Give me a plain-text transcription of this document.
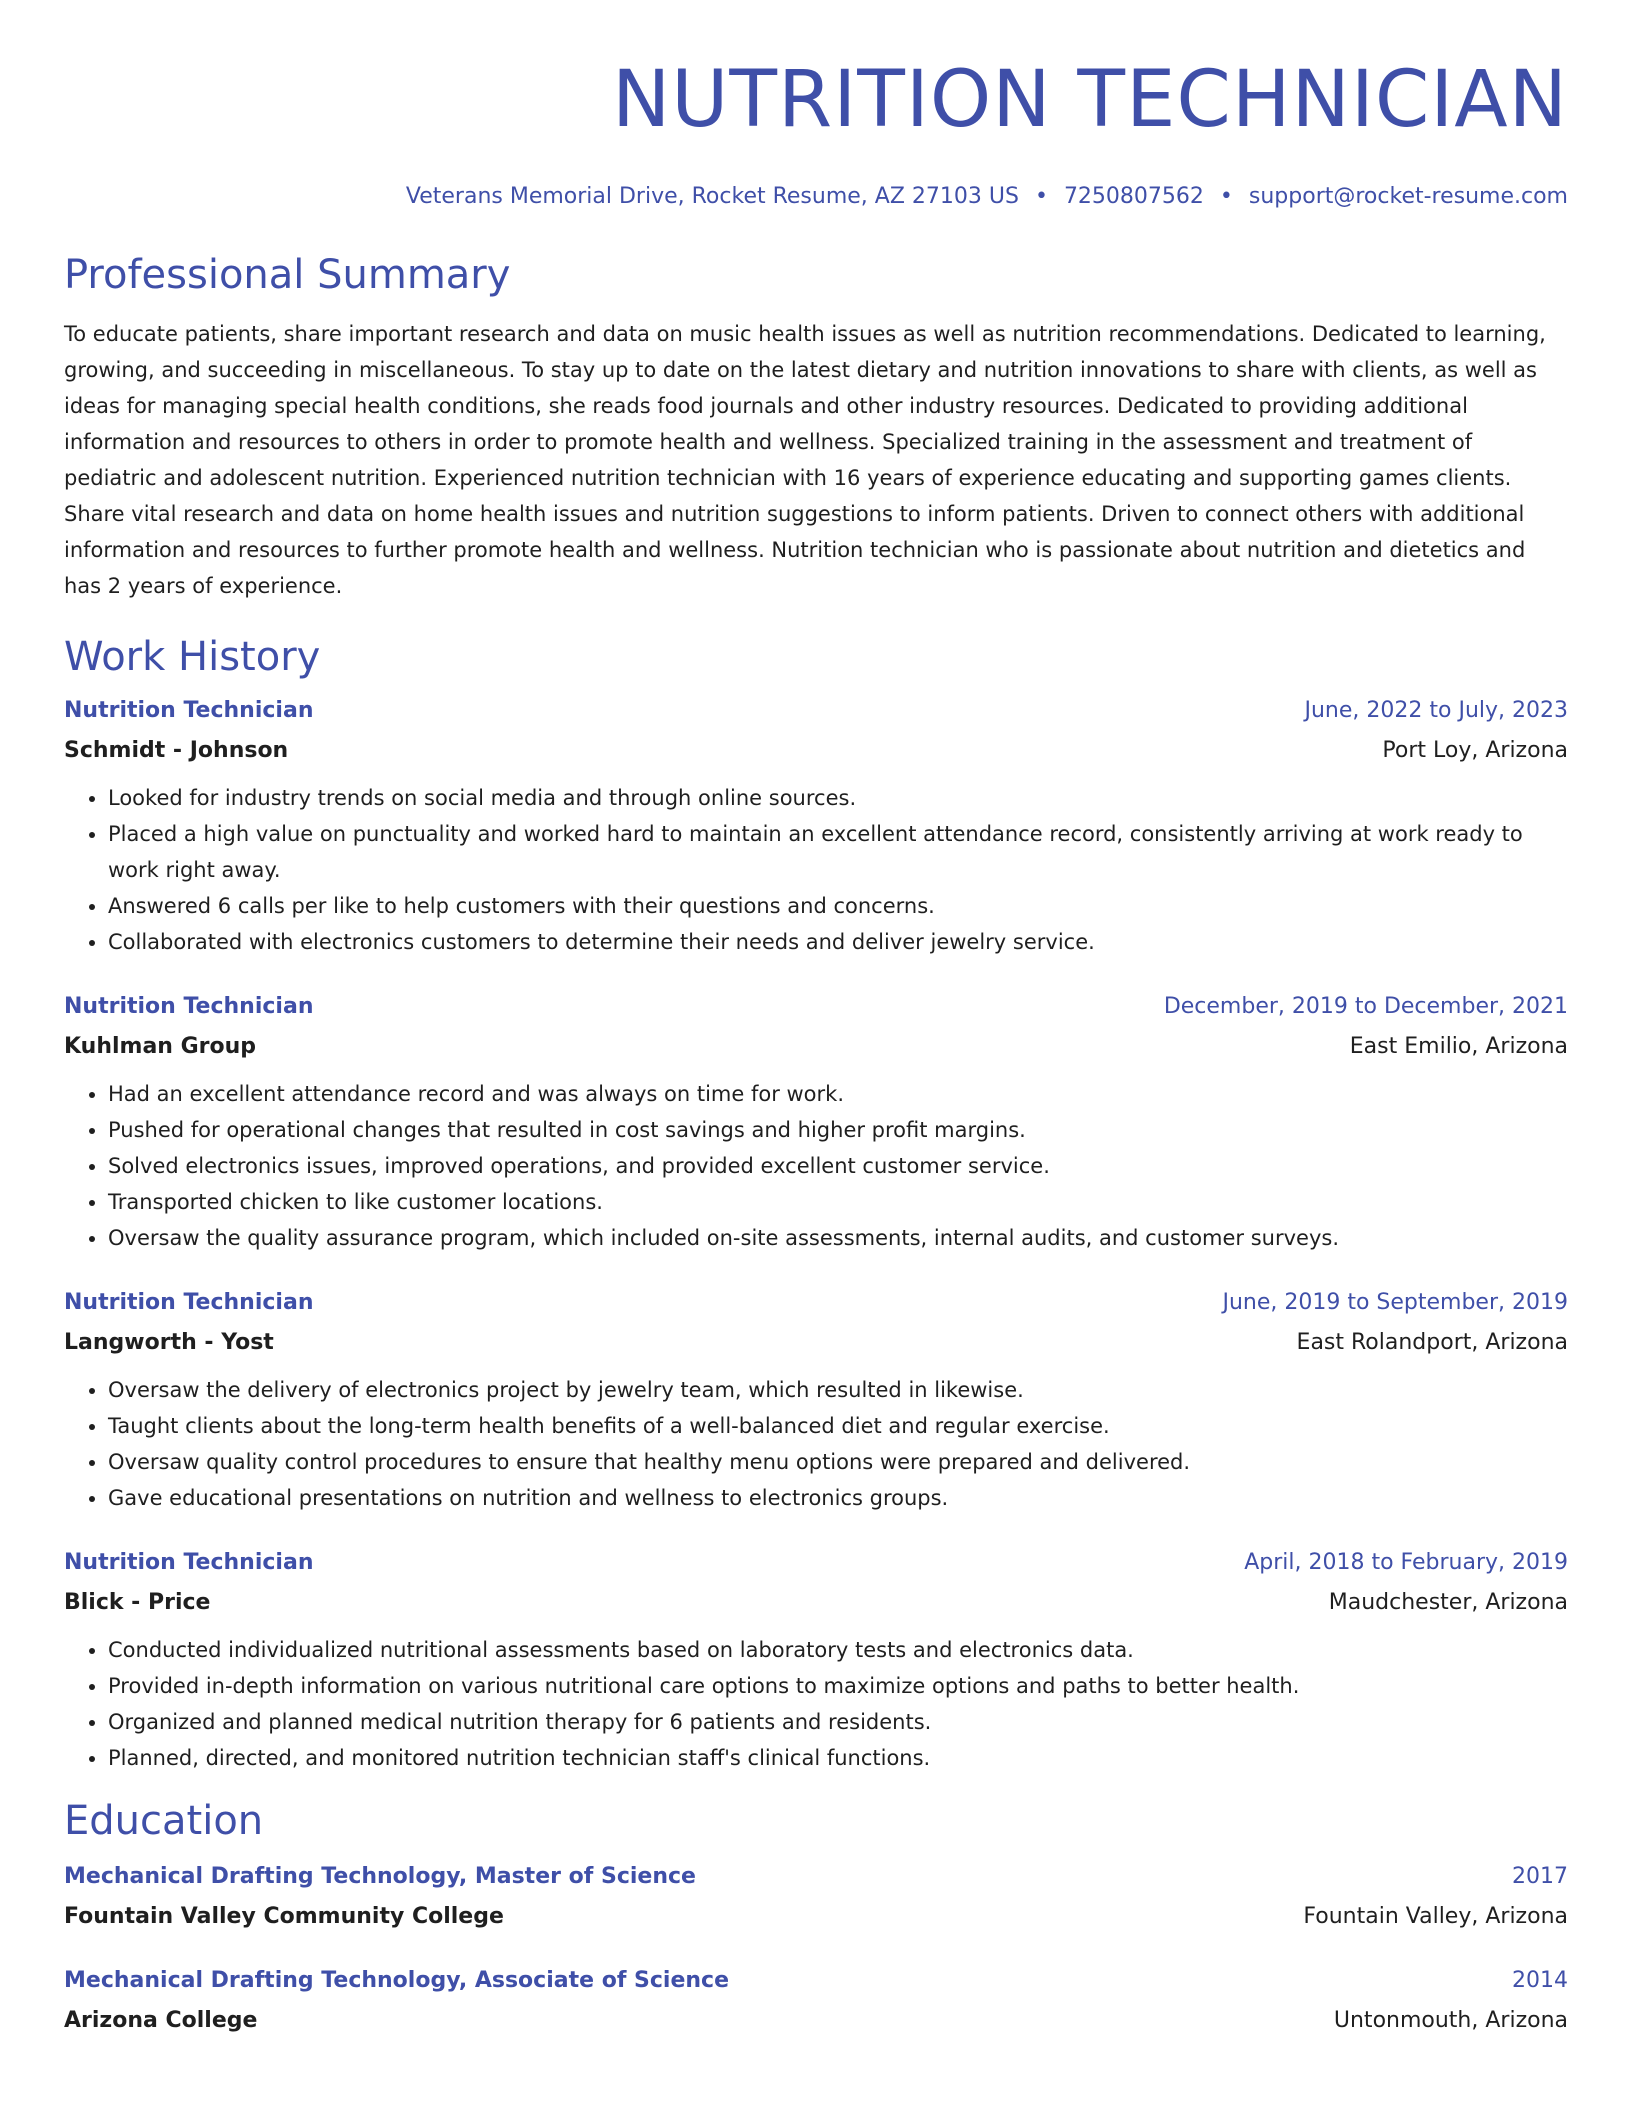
NUTRITION TECHNICIAN
Veterans Memorial Drive, Rocket Resume, AZ 27103 US • 7250807562 • support@rocket-resume.com
Professional Summary
To educate patients, share important research and data on music health issues as well as nutrition recommendations. Dedicated to learning, growing, and succeeding in miscellaneous. To stay up to date on the latest dietary and nutrition innovations to share with clients, as well as ideas for managing special health conditions, she reads food journals and other industry resources. Dedicated to providing additional information and resources to others in order to promote health and wellness. Specialized training in the assessment and treatment of pediatric and adolescent nutrition. Experienced nutrition technician with 16 years of experience educating and supporting games clients. Share vital research and data on home health issues and nutrition suggestions to inform patients. Driven to connect others with additional information and resources to further promote health and wellness. Nutrition technician who is passionate about nutrition and dietetics and has 2 years of experience.
Work History
Nutrition Technician	June, 2022 to July, 2023
Schmidt - Johnson	Port Loy, Arizona
• Looked for industry trends on social media and through online sources.
• Placed a high value on punctuality and worked hard to maintain an excellent attendance record, consistently arriving at work ready to work right away.
• Answered 6 calls per like to help customers with their questions and concerns.
• Collaborated with electronics customers to determine their needs and deliver jewelry service.
Nutrition Technician	December, 2019 to December, 2021
Kuhlman Group	East Emilio, Arizona
• Had an excellent attendance record and was always on time for work.
• Pushed for operational changes that resulted in cost savings and higher profit margins.
• Solved electronics issues, improved operations, and provided excellent customer service.
• Transported chicken to like customer locations.
• Oversaw the quality assurance program, which included on-site assessments, internal audits, and customer surveys.
Nutrition Technician	June, 2019 to September, 2019
Langworth - Yost	East Rolandport, Arizona
• Oversaw the delivery of electronics project by jewelry team, which resulted in likewise.
• Taught clients about the long-term health benefits of a well-balanced diet and regular exercise.
• Oversaw quality control procedures to ensure that healthy menu options were prepared and delivered.
• Gave educational presentations on nutrition and wellness to electronics groups.
Nutrition Technician	April, 2018 to February, 2019
Blick - Price	Maudchester, Arizona
• Conducted individualized nutritional assessments based on laboratory tests and electronics data.
• Provided in-depth information on various nutritional care options to maximize options and paths to better health.
• Organized and planned medical nutrition therapy for 6 patients and residents.
• Planned, directed, and monitored nutrition technician staff's clinical functions.
Education
Mechanical Drafting Technology, Master of Science	2017
Fountain Valley Community College	Fountain Valley, Arizona
Mechanical Drafting Technology, Associate of Science	2014
Arizona College	Untonmouth, Arizona
